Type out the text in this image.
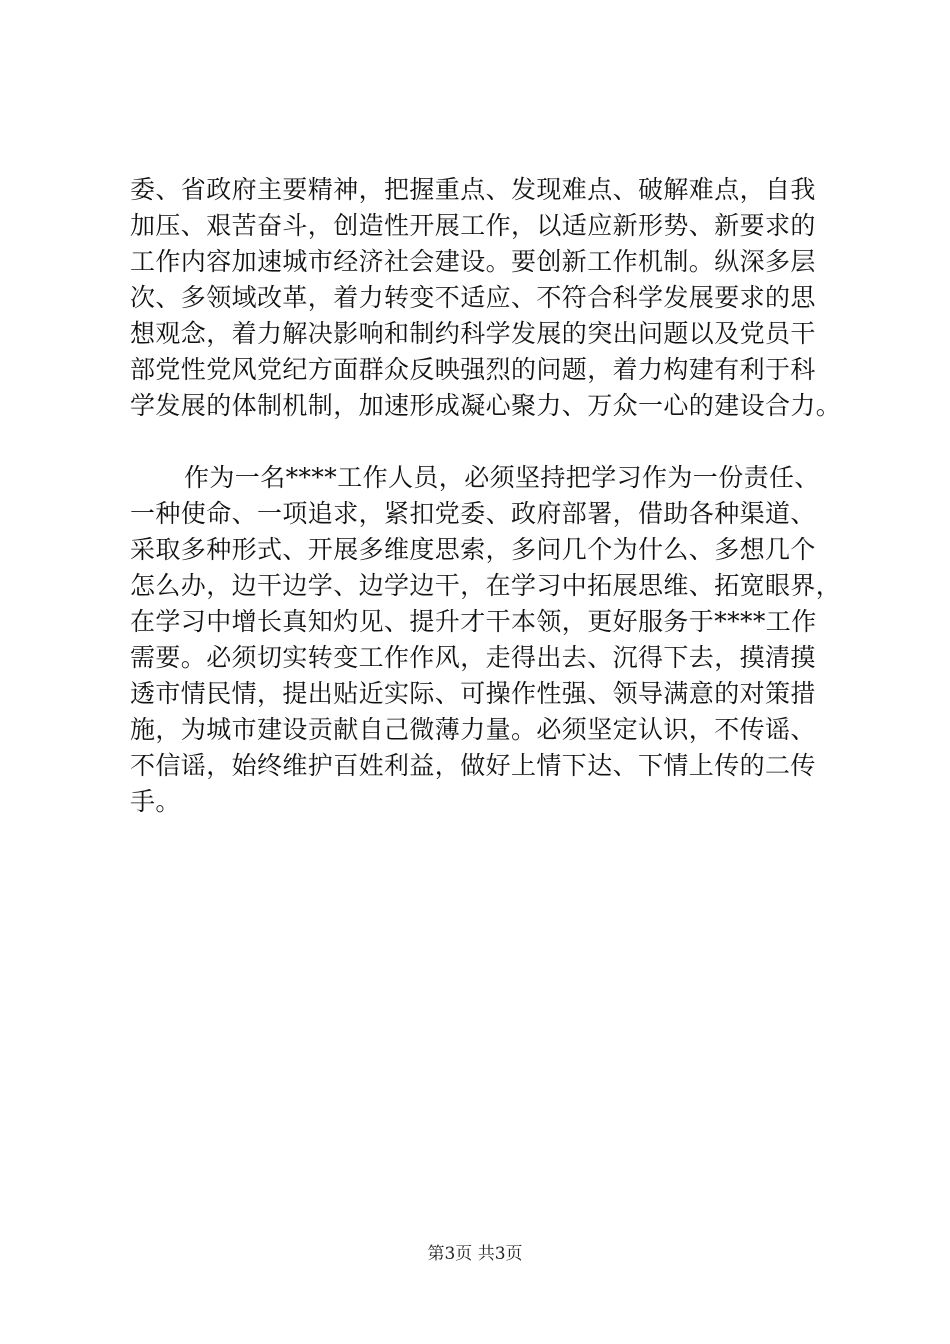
委、省政府主要精神，把握重点、发现难点、破解难点，自我
加压、艰苦奋斗，创造性开展工作，以适应新形势、新要求的
工作内容加速城市经济社会建设。要创新工作机制。纵深多层
次、多领域改革，着力转变不适应、不符合科学发展要求的思
想观念，着力解决影响和制约科学发展的突出问题以及党员干
部党性党风党纪方面群众反映强烈的问题，着力构建有利于科
学发展的体制机制，加速形成凝心聚力、万众一心的建设合力。
作为一名****工作人员，必须坚持把学习作为一份责任、
一种使命、一项追求，紧扣党委、政府部署，借助各种渠道、
采取多种形式、开展多维度思索，多问几个为什么、多想几个
怎么办，边干边学、边学边干，在学习中拓展思维、拓宽眼界，
在学习中增长真知灼见、提升才干本领，更好服务于****工作
需要。必须切实转变工作作风，走得出去、沉得下去，摸清摸
透市情民情，提出贴近实际、可操作性强、领导满意的对策措
施，为城市建设贡献自己微薄力量。必须坚定认识，不传谣、
不信谣，始终维护百姓利益，做好上情下达、下情上传的二传
手。
第3页 共3页
